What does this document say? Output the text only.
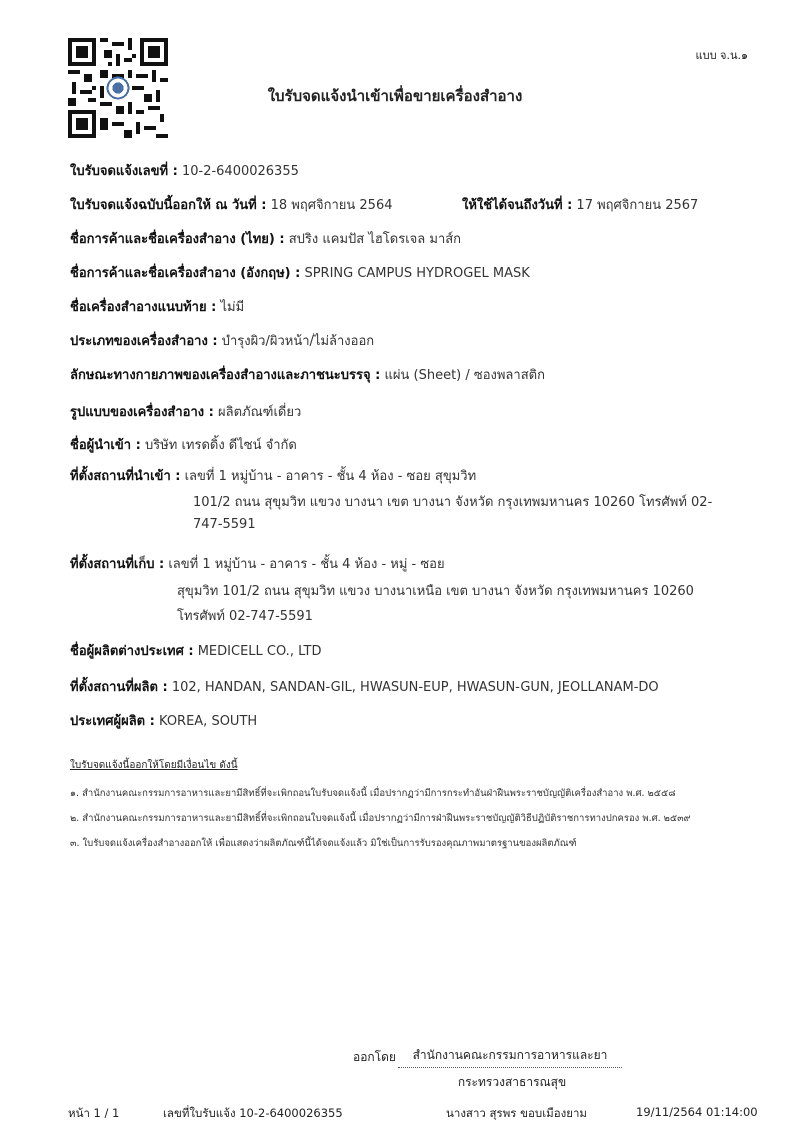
แบบ จ.น.๑
ใบรับจดแจ้งนำเข้าเพื่อขายเครื่องสำอาง
ใบรับจดแจ้งเลขที่ : 10-2-6400026355
ใบรับจดแจ้งฉบับนี้ออกให้ ณ วันที่ : 18 พฤศจิกายน 2564	ให้ใช้ได้จนถึงวันที่ : 17 พฤศจิกายน 2567
ชื่อการค้าและชื่อเครื่องสำอาง (ไทย) : สปริง แคมปัส ไฮโดรเจล มาส์ก
ชื่อการค้าและชื่อเครื่องสำอาง (อังกฤษ) : SPRING CAMPUS HYDROGEL MASK
ชื่อเครื่องสำอางแนบท้าย : ไม่มี
ประเภทของเครื่องสำอาง : บำรุงผิว/ผิวหน้า/ไม่ล้างออก
ลักษณะทางกายภาพของเครื่องสำอางและภาชนะบรรจุ : แผ่น (Sheet) / ซองพลาสติก
รูปแบบของเครื่องสำอาง : ผลิตภัณฑ์เดี่ยว
ชื่อผู้นำเข้า : บริษัท เทรดดิ้ง ดีไซน์ จำกัด
ที่ตั้งสถานที่นำเข้า : เลขที่ 1 หมู่บ้าน - อาคาร - ชั้น 4 ห้อง - ซอย สุขุมวิท
101/2 ถนน สุขุมวิท แขวง บางนา เขต บางนา จังหวัด กรุงเทพมหานคร 10260 โทรศัพท์ 02-
747-5591
ที่ตั้งสถานที่เก็บ : เลขที่ 1 หมู่บ้าน - อาคาร - ชั้น 4 ห้อง - หมู่ - ซอย
สุขุมวิท 101/2 ถนน สุขุมวิท แขวง บางนาเหนือ เขต บางนา จังหวัด กรุงเทพมหานคร 10260
โทรศัพท์ 02-747-5591
ชื่อผู้ผลิตต่างประเทศ : MEDICELL CO., LTD
ที่ตั้งสถานที่ผลิต : 102, HANDAN, SANDAN-GIL, HWASUN-EUP, HWASUN-GUN, JEOLLANAM-DO
ประเทศผู้ผลิต : KOREA, SOUTH
ใบรับจดแจ้งนี้ออกให้โดยมีเงื่อนไข ดังนี้
๑. สำนักงานคณะกรรมการอาหารและยามีสิทธิ์ที่จะเพิกถอนใบรับจดแจ้งนี้ เมื่อปรากฏว่ามีการกระทำอันฝ่าฝืนพระราชบัญญัติเครื่องสำอาง พ.ศ. ๒๕๕๘
๒. สำนักงานคณะกรรมการอาหารและยามีสิทธิ์ที่จะเพิกถอนใบจดแจ้งนี้ เมื่อปรากฏว่ามีการฝ่าฝืนพระราชบัญญัติวิธีปฏิบัติราชการทางปกครอง พ.ศ. ๒๕๓๙
๓. ใบรับจดแจ้งเครื่องสำอางออกให้ เพื่อแสดงว่าผลิตภัณฑ์นี้ได้จดแจ้งแล้ว มิใช่เป็นการรับรองคุณภาพมาตรฐานของผลิตภัณฑ์
ออกโดย	สำนักงานคณะกรรมการอาหารและยา
กระทรวงสาธารณสุข
หน้า 1 / 1	เลขที่ใบรับแจ้ง 10-2-6400026355	นางสาว สุรพร ขอบเมืองยาม	19/11/2564 01:14:00
